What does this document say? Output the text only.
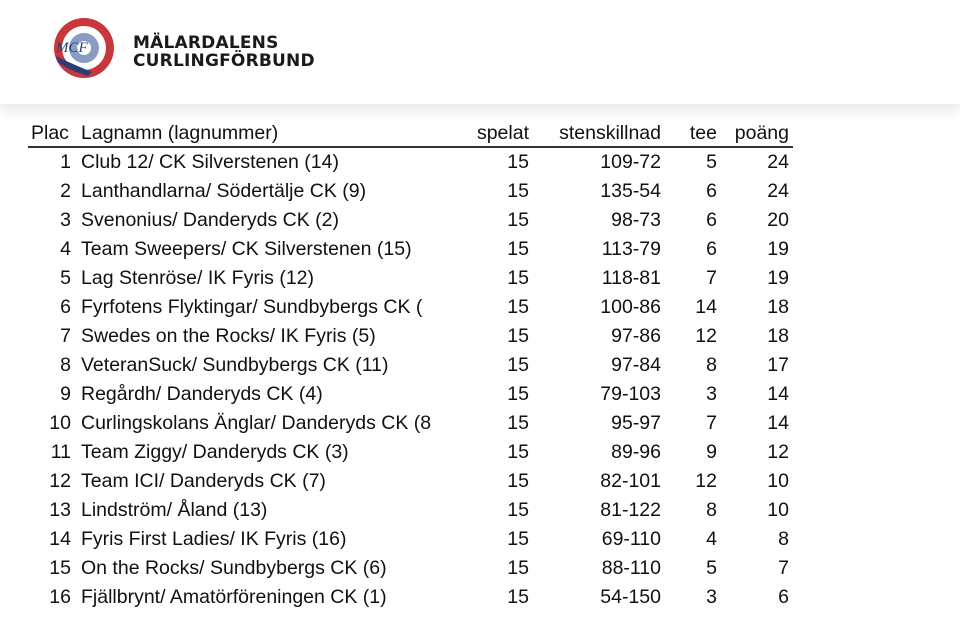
MCF	MÄLARDALENS
CURLINGFÖRBUND
Plac	Lagnamn (lagnummer)	spelat	stenskillnad	tee	poäng
1	Club 12/ CK Silverstenen (14)	15	109-72	5	24
2	Lanthandlarna/ Södertälje CK (9)	15	135-54	6	24
3	Svenonius/ Danderyds CK (2)	15	98-73	6	20
4	Team Sweepers/ CK Silverstenen (15)	15	113-79	6	19
5	Lag Stenröse/ IK Fyris (12)	15	118-81	7	19
6	Fyrfotens Flyktingar/ Sundbybergs CK (	15	100-86	14	18
7	Swedes on the Rocks/ IK Fyris (5)	15	97-86	12	18
8	VeteranSuck/ Sundbybergs CK (11)	15	97-84	8	17
9	Regårdh/ Danderyds CK (4)	15	79-103	3	14
10	Curlingskolans Änglar/ Danderyds CK (8	15	95-97	7	14
11	Team Ziggy/ Danderyds CK (3)	15	89-96	9	12
12	Team ICI/ Danderyds CK (7)	15	82-101	12	10
13	Lindström/ Åland (13)	15	81-122	8	10
14	Fyris First Ladies/ IK Fyris (16)	15	69-110	4	8
15	On the Rocks/ Sundbybergs CK (6)	15	88-110	5	7
16	Fjällbrynt/ Amatörföreningen CK (1)	15	54-150	3	6
